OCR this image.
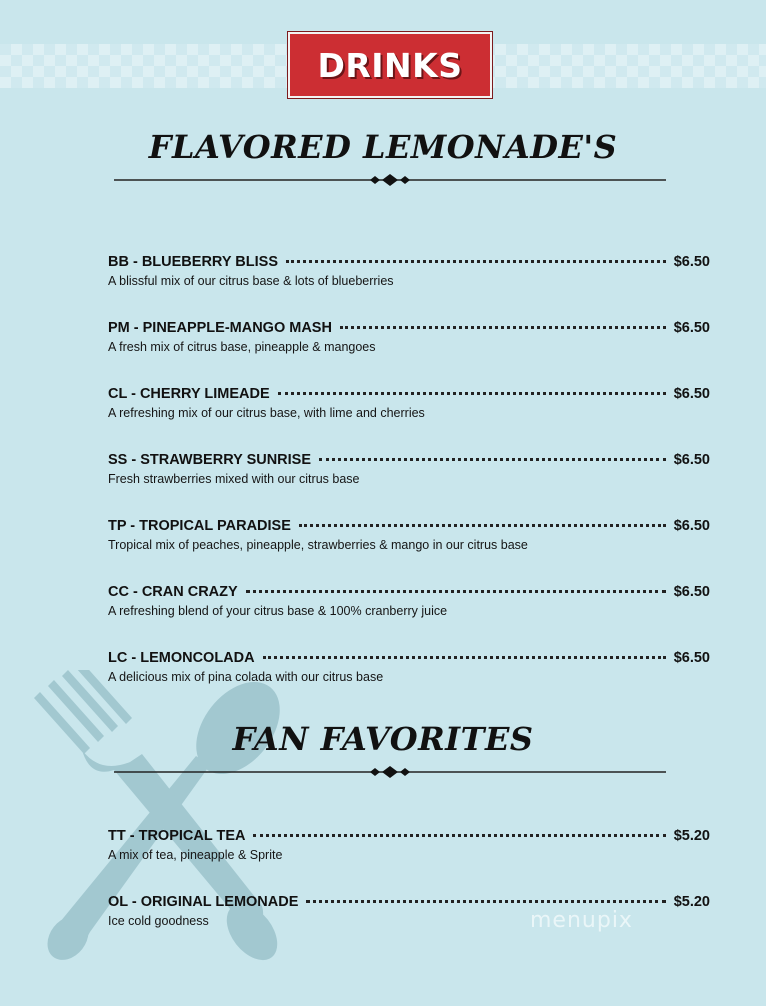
DRINKS
FLAVORED LEMONADE'S
BB - BLUEBERRY BLISS	$6.50
A blissful mix of our citrus base & lots of blueberries
PM - PINEAPPLE-MANGO MASH	$6.50
A fresh mix of citrus base, pineapple & mangoes
CL - CHERRY LIMEADE	$6.50
A refreshing mix of our citrus base, with lime and cherries
SS - STRAWBERRY SUNRISE	$6.50
Fresh strawberries mixed with our citrus base
TP - TROPICAL PARADISE	$6.50
Tropical mix of peaches, pineapple, strawberries & mango in our citrus base
CC - CRAN CRAZY	$6.50
A refreshing blend of your citrus base & 100% cranberry juice
LC - LEMONCOLADA	$6.50
A delicious mix of pina colada with our citrus base
FAN FAVORITES
TT - TROPICAL TEA	$5.20
A mix of tea, pineapple & Sprite
OL - ORIGINAL LEMONADE	$5.20
Ice cold goodness	menupix
